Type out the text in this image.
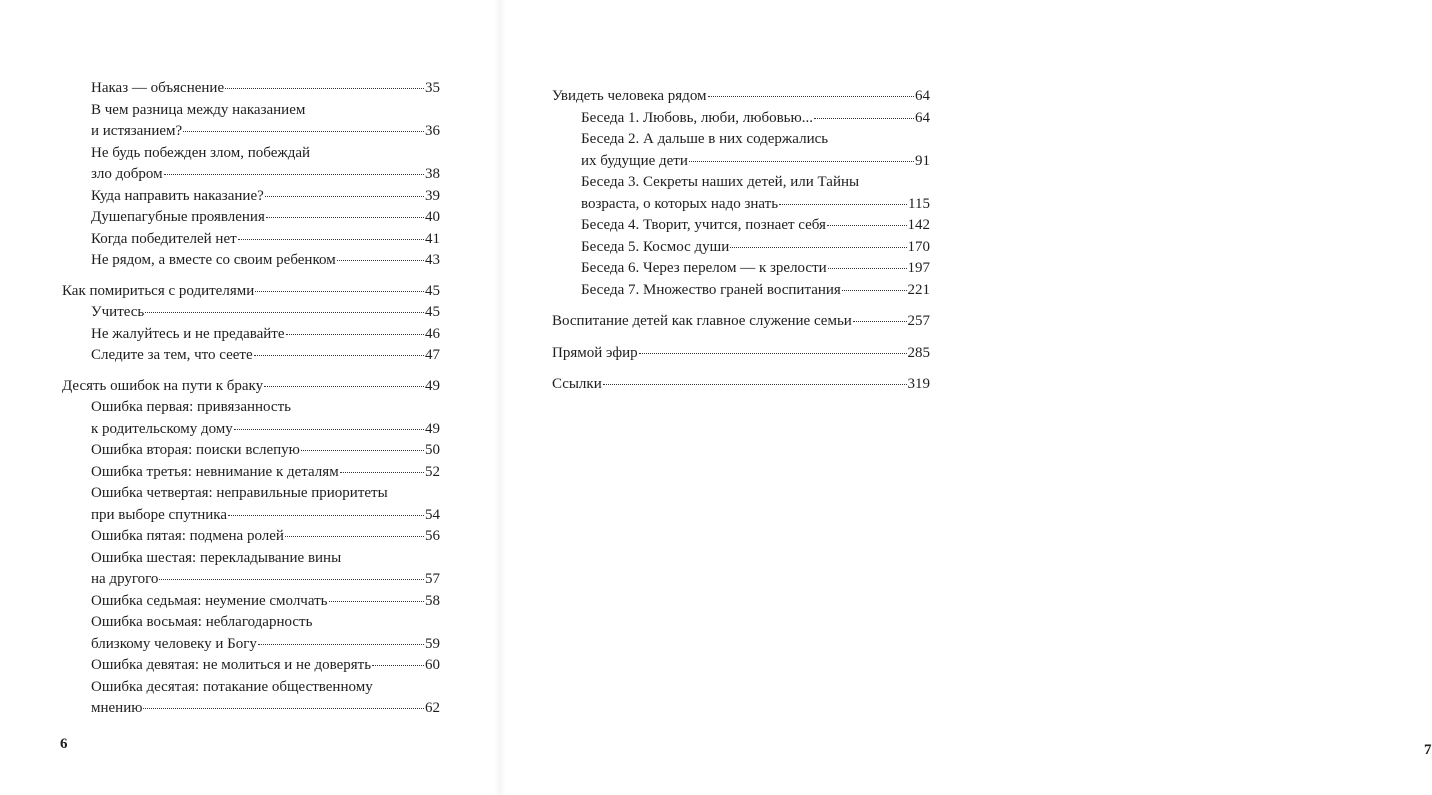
Наказ — объяснение	35
В чем разница между наказанием
и истязанием?	36
Не будь побежден злом, побеждай
зло добром	38
Куда направить наказание?	39
Душепагубные проявления	40
Когда победителей нет	41
Не рядом, а вместе со своим ребенком	43
Как помириться с родителями	45
Учитесь	45
Не жалуйтесь и не предавайте	46
Следите за тем, что сеете	47
Десять ошибок на пути к браку	49
Ошибка первая: привязанность
к родительскому дому	49
Ошибка вторая: поиски вслепую	50
Ошибка третья: невнимание к деталям	52
Ошибка четвертая: неправильные приоритеты
при выборе спутника	54
Ошибка пятая: подмена ролей	56
Ошибка шестая: перекладывание вины
на другого	57
Ошибка седьмая: неумение смолчать	58
Ошибка восьмая: неблагодарность
близкому человеку и Богу	59
Ошибка девятая: не молиться и не доверять	60
Ошибка десятая: потакание общественному
мнению	62
6
Увидеть человека рядом	64
Беседа 1. Любовь, люби, любовью...	64
Беседа 2. А дальше в них содержались
их будущие дети	91
Беседа 3. Секреты наших детей, или Тайны
возраста, о которых надо знать	115
Беседа 4. Творит, учится, познает себя	142
Беседа 5. Космос души	170
Беседа 6. Через перелом — к зрелости	197
Беседа 7. Множество граней воспитания	221
Воспитание детей как главное служение семьи	257
Прямой эфир	285
Ссылки	319
7
